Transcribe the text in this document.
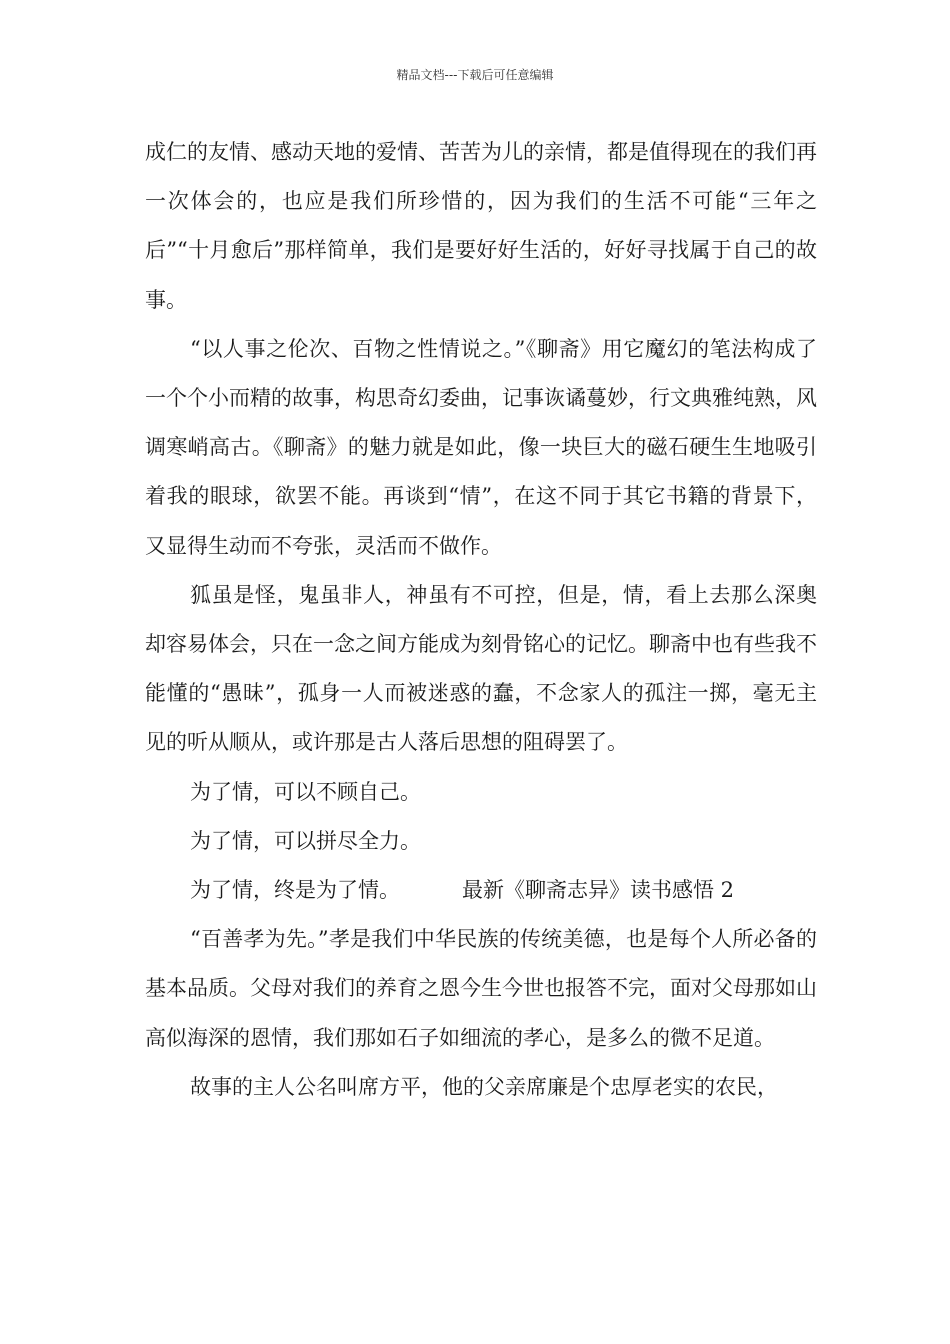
精品文档---下载后可任意编辑

成仁的友情、感动天地的爱情、苦苦为儿的亲情，都是值得现在的我们再一次体会的，也应是我们所珍惜的，因为我们的生活不可能“三年之后”“十月愈后”那样简单，我们是要好好生活的，好好寻找属于自己的故事。

“以人事之伦次、百物之性情说之。”《聊斋》用它魔幻的笔法构成了一个个小而精的故事，构思奇幻委曲，记事诙谲蔓妙，行文典雅纯熟，风调寒峭高古。《聊斋》的魅力就是如此，像一块巨大的磁石硬生生地吸引着我的眼球，欲罢不能。再谈到“情”，在这不同于其它书籍的背景下，又显得生动而不夸张，灵活而不做作。

狐虽是怪，鬼虽非人，神虽有不可控，但是，情，看上去那么深奥却容易体会，只在一念之间方能成为刻骨铭心的记忆。聊斋中也有些我不能懂的“愚昧”，孤身一人而被迷惑的蠢，不念家人的孤注一掷，毫无主见的听从顺从，或许那是古人落后思想的阻碍罢了。

为了情，可以不顾自己。

为了情，可以拼尽全力。

为了情，终是为了情。	最新《聊斋志异》读书感悟 2

“百善孝为先。”孝是我们中华民族的传统美德，也是每个人所必备的基本品质。父母对我们的养育之恩今生今世也报答不完，面对父母那如山高似海深的恩情，我们那如石子如细流的孝心，是多么的微不足道。

故事的主人公名叫席方平，他的父亲席廉是个忠厚老实的农民，
